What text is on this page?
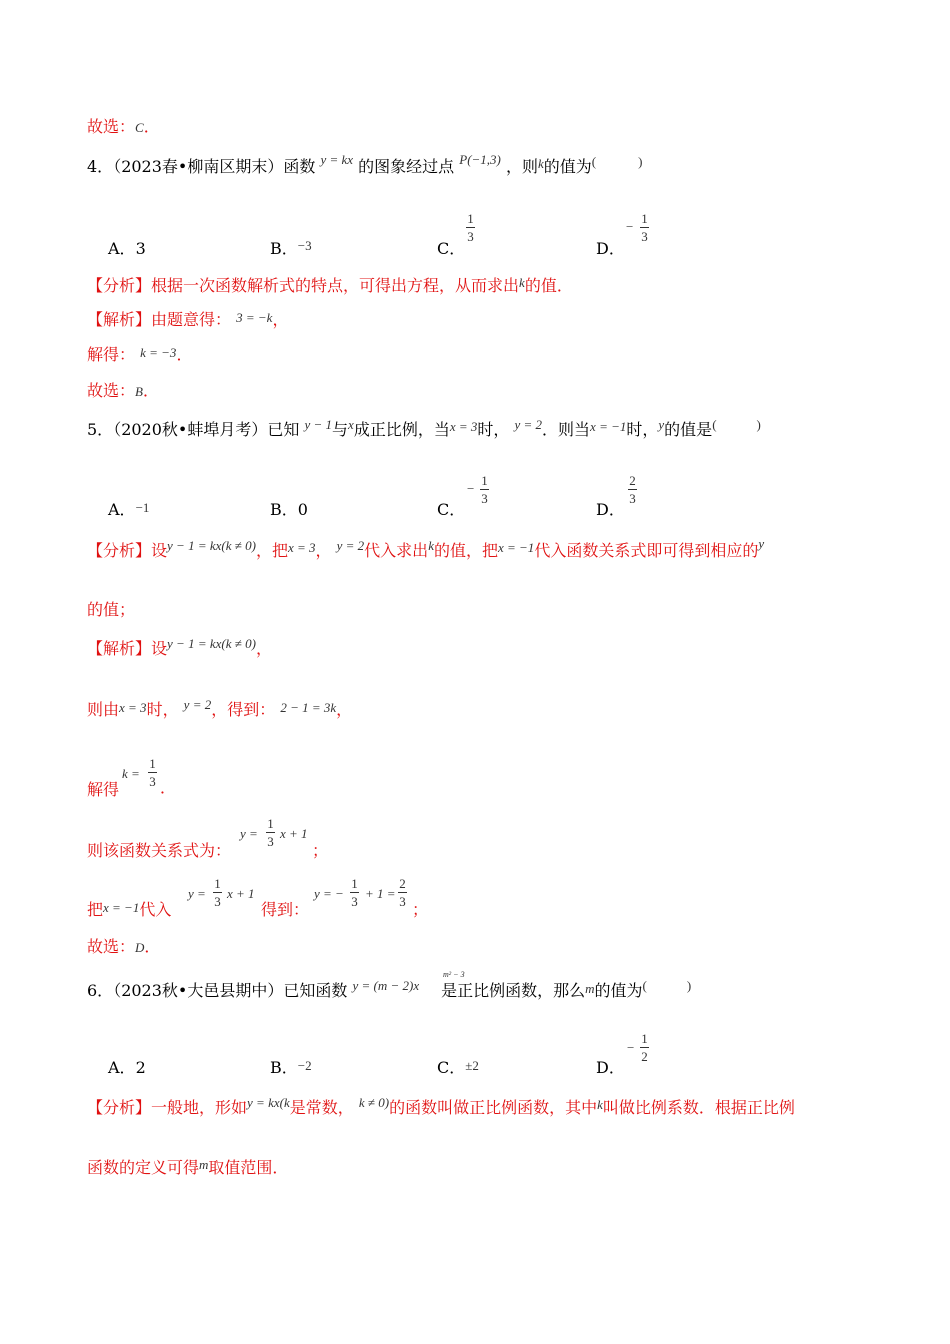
故选：C．
4．（2023春•柳南区期末）函数 $^{y = kx}$ 的图象经过点 $^{P(-1,3)}$ ，则$^k$的值为(	)
A．3	B．$^{-3}$	C．
1
3
D．
−
1
3
【分析】根据一次函数解析式的特点，可得出方程，从而求出$^k$的值．
【解析】由题意得： 3 = −k，
解得： k = −3．
故选：B．
5．（2020秋•蚌埠月考）已知 $^{y - 1}$与$^x$成正比例，当$^{x = 3}$时， $^{y = 2}$．则当$^{x = -1}$时，$^y$的值是(	)
A．−1	B．0	C．
−
1
3
D．
2
3
【分析】设$^{y - 1 = kx(k \ne 0)}$，把$^{x = 3}$， $^{y = 2}$代入求出$^k$的值，把$^{x = -1}$代入函数关系式即可得到相应的$^y$
的值；
【解析】设$^{y - 1 = kx(k \ne 0)}$，
则由x = 3时， $^{y = 2}$，得到： 2 − 1 = 3k，
解得
k =
1
3 ．
则该函数关系式为：
y =
1
3
x + 1
；
把x = −1代入
y =
1
3
x + 1
得到：
y = −
1
3
+ 1 =
2
3 ；
故选：D．
6．（2023秋•大邑县期中）已知函数 $^{y = (m - 2)x}$ 是正比例函数，那么m的值为(	)
m² − 3
A．2	B．−2	C．±2	D．
−
1
2
【分析】一般地，形如$^{y = kx(k}$是常数， $^{k \ne 0)}$的函数叫做正比例函数，其中$^k$叫做比例系数．根据正比例
函数的定义可得$^m$取值范围．
